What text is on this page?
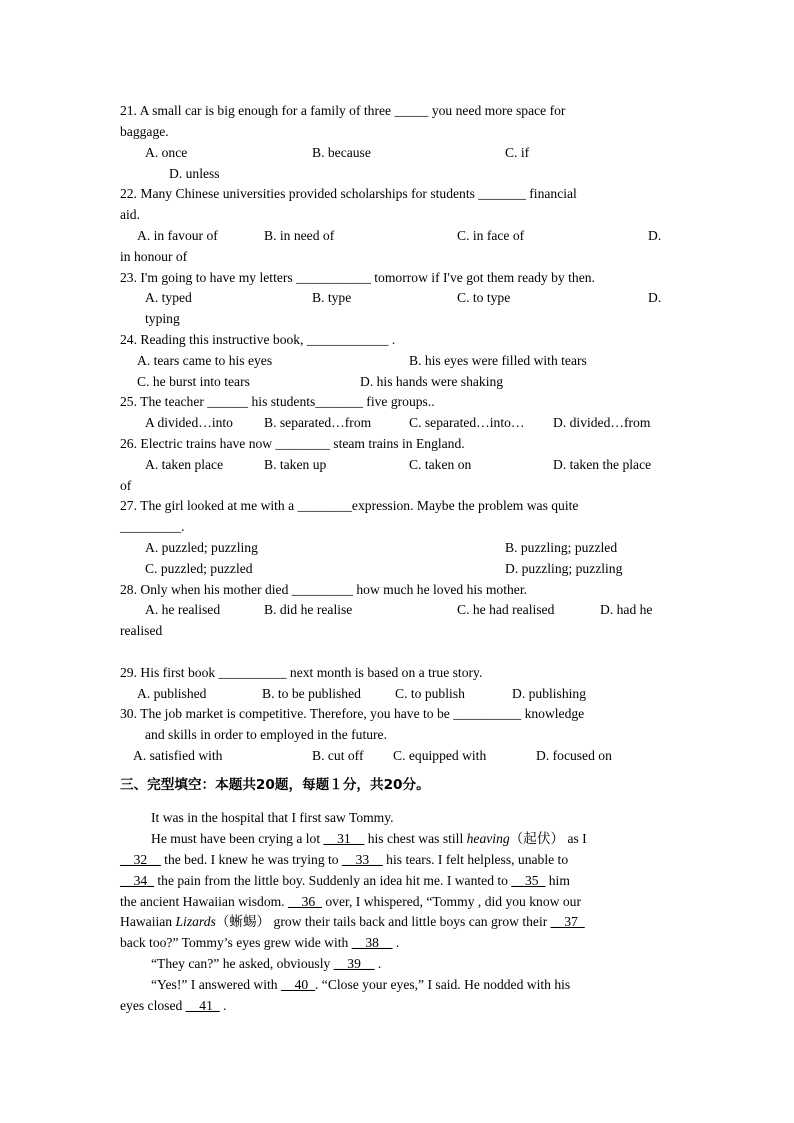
21. A small car is big enough for a family of three _____ you need more space for
baggage.
A. once	B. because	C. if
D. unless
22. Many Chinese universities provided scholarships for students _______ financial
aid.
A. in favour of	B. in need of	C. in face of	D.
in honour of
23. I'm going to have my letters ___________ tomorrow if I've got them ready by then.
A. typed	B. type	C. to type	D.
typing
24. Reading this instructive book, ____________ .
A. tears came to his eyes	B. his eyes were filled with tears
C. he burst into tears	D. his hands were shaking
25. The teacher ______ his students_______ five groups..
A divided…into B. separated…from	C. separated…into… D. divided…from
26. Electric trains have now ________ steam trains in England.
A. taken place	B. taken up	C. taken on	D. taken the place
of
27. The girl looked at me with a ________expression. Maybe the problem was quite
_________.
A. puzzled; puzzling	B. puzzling; puzzled
C. puzzled; puzzled	D. puzzling; puzzling
28. Only when his mother died _________ how much he loved his mother.
A. he realised	B. did he realise	C. he had realised	D. had he
realised
29. His first book __________ next month is based on a true story.
A. published	B. to be published	C. to publish	D. publishing
30. The job market is competitive. Therefore, you have to be __________ knowledge
and skills in order to employed in the future.
A. satisfied with	B. cut off C. equipped with	D. focused on
三、完型填空：本题共20题，每题１分，共20分。
It was in the hospital that I first saw Tommy.
He must have been crying a lot __31__ his chest was still heaving（起伏） as I
__32__ the bed. I knew he was trying to __33__ his tears. I felt helpless, unable to
__34_ the pain from the little boy. Suddenly an idea hit me. I wanted to __35_ him
the ancient Hawaiian wisdom. __36_ over, I whispered, “Tommy , did you know our
Hawaiian Lizards（蜥蜴） grow their tails back and little boys can grow their __37_
back too?” Tommy’s eyes grew wide with __38__ .
“They can?” he asked, obviously __39__ .
“Yes!” I answered with __40_. “Close your eyes,” I said. He nodded with his
eyes closed __41_ .
